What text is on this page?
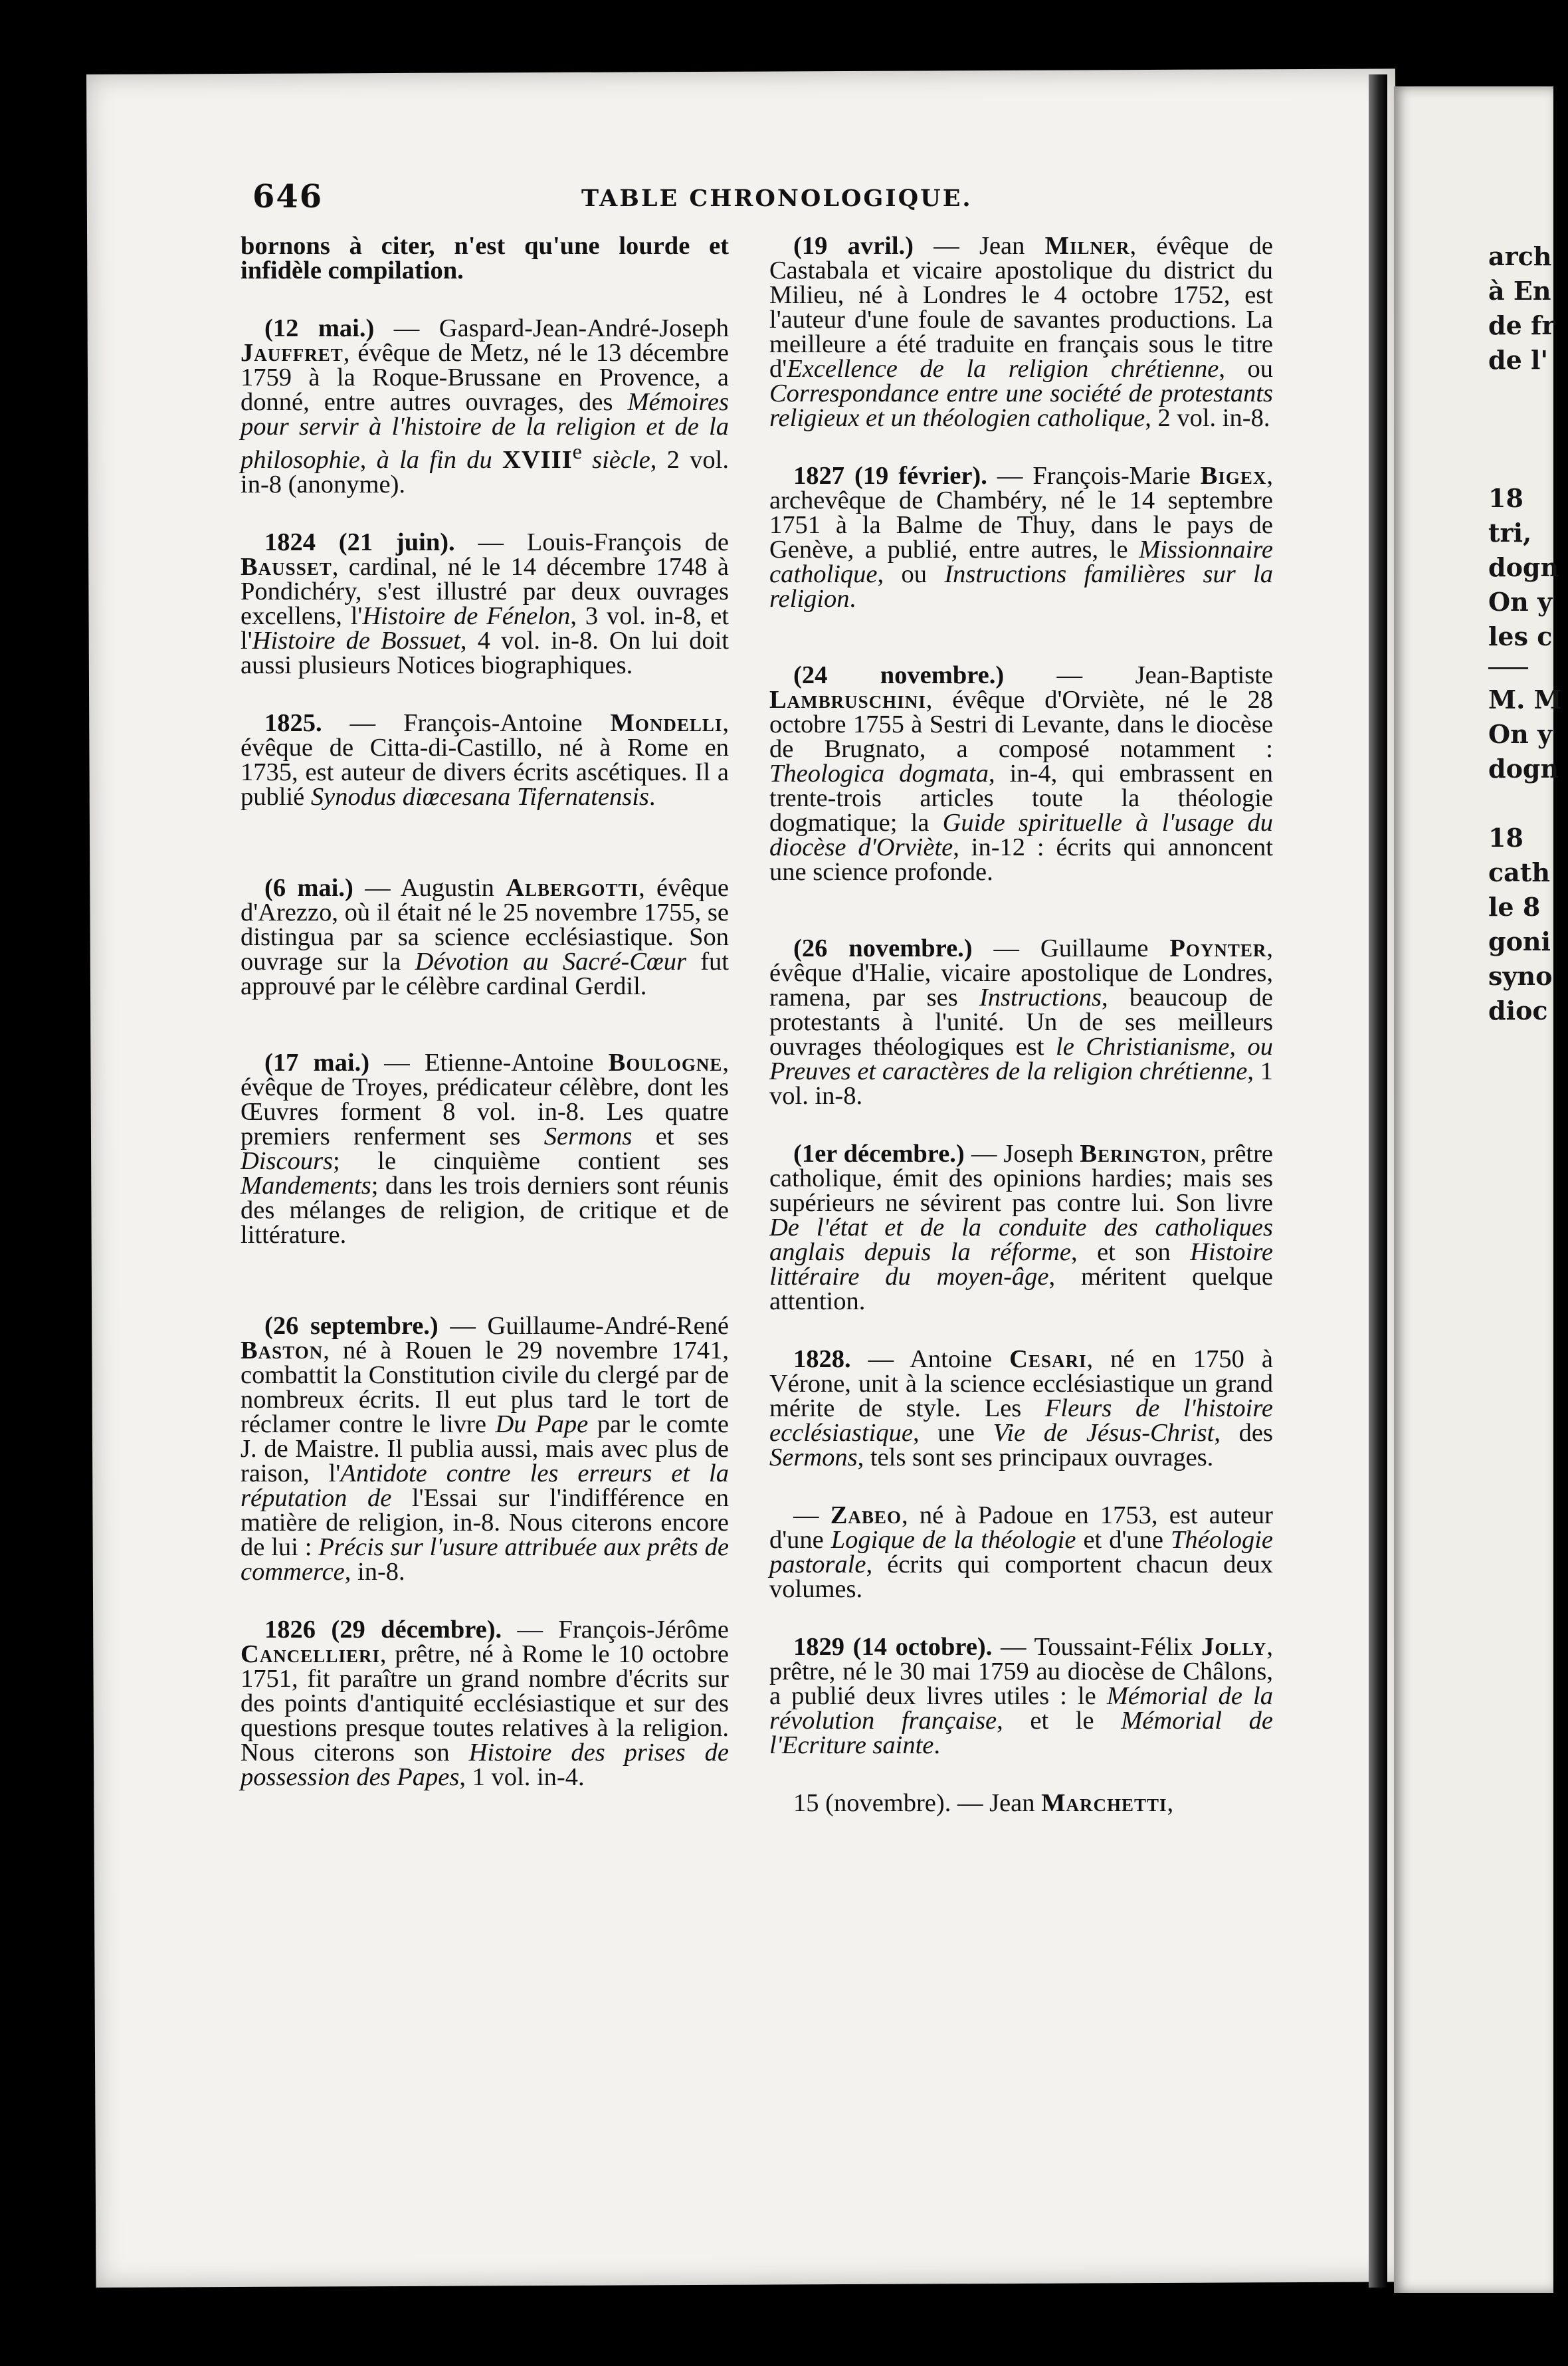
arch
à En
de fr
de l'
18
tri,
dogn
On y
les c
M. M
On y
dogn
18
cath
le 8
goni
syno
dioc
646	TABLE CHRONOLOGIQUE.

bornons à citer, n'est qu'une lourde et infidèle compilation.

(12 mai.) — Gaspard-Jean-André-Joseph Jauffret, évêque de Metz, né le 13 décembre 1759 à la Roque-Brussane en Provence, a donné, entre autres ouvrages, des Mémoires pour servir à l'histoire de la religion et de la philosophie, à la fin du XVIIIe siècle, 2 vol. in-8 (anonyme).

1824 (21 juin). — Louis-François de Bausset, cardinal, né le 14 décembre 1748 à Pondichéry, s'est illustré par deux ouvrages excellens, l'Histoire de Fénelon, 3 vol. in-8, et l'Histoire de Bossuet, 4 vol. in-8. On lui doit aussi plusieurs Notices biographiques.

1825. — François-Antoine Mondelli, évêque de Citta-di-Castillo, né à Rome en 1735, est auteur de divers écrits ascétiques. Il a publié Synodus diœcesana Tifernatensis.

(6 mai.) — Augustin Albergotti, évêque d'Arezzo, où il était né le 25 novembre 1755, se distingua par sa science ecclésiastique. Son ouvrage sur la Dévotion au Sacré-Cœur fut approuvé par le célèbre cardinal Gerdil.

(17 mai.) — Etienne-Antoine Boulogne, évêque de Troyes, prédicateur célèbre, dont les Œuvres forment 8 vol. in-8. Les quatre premiers renferment ses Sermons et ses Discours; le cinquième contient ses Mandements; dans les trois derniers sont réunis des mélanges de religion, de critique et de littérature.

(26 septembre.) — Guillaume-André-René Baston, né à Rouen le 29 novembre 1741, combattit la Constitution civile du clergé par de nombreux écrits. Il eut plus tard le tort de réclamer contre le livre Du Pape par le comte J. de Maistre. Il publia aussi, mais avec plus de raison, l'Antidote contre les erreurs et la réputation de l'Essai sur l'indifférence en matière de religion, in-8. Nous citerons encore de lui : Précis sur l'usure attribuée aux prêts de commerce, in-8.

1826 (29 décembre). — François-Jérôme Cancellieri, prêtre, né à Rome le 10 octobre 1751, fit paraître un grand nombre d'écrits sur des points d'antiquité ecclésiastique et sur des questions presque toutes relatives à la religion. Nous citerons son Histoire des prises de possession des Papes, 1 vol. in-4.

(19 avril.) — Jean Milner, évêque de Castabala et vicaire apostolique du district du Milieu, né à Londres le 4 octobre 1752, est l'auteur d'une foule de savantes productions. La meilleure a été traduite en français sous le titre d'Excellence de la religion chrétienne, ou Correspondance entre une société de protestants religieux et un théologien catholique, 2 vol. in-8.

1827 (19 février). — François-Marie Bigex, archevêque de Chambéry, né le 14 septembre 1751 à la Balme de Thuy, dans le pays de Genève, a publié, entre autres, le Missionnaire catholique, ou Instructions familières sur la religion.

(24 novembre.) — Jean-Baptiste Lambruschini, évêque d'Orviète, né le 28 octobre 1755 à Sestri di Levante, dans le diocèse de Brugnato, a composé notamment : Theologica dogmata, in-4, qui embrassent en trente-trois articles toute la théologie dogmatique; la Guide spirituelle à l'usage du diocèse d'Orviète, in-12 : écrits qui annoncent une science profonde.

(26 novembre.) — Guillaume Poynter, évêque d'Halie, vicaire apostolique de Londres, ramena, par ses Instructions, beaucoup de protestants à l'unité. Un de ses meilleurs ouvrages théologiques est le Christianisme, ou Preuves et caractères de la religion chrétienne, 1 vol. in-8.

(1er décembre.) — Joseph Berington, prêtre catholique, émit des opinions hardies; mais ses supérieurs ne sévirent pas contre lui. Son livre De l'état et de la conduite des catholiques anglais depuis la réforme, et son Histoire littéraire du moyen-âge, méritent quelque attention.

1828. — Antoine Cesari, né en 1750 à Vérone, unit à la science ecclésiastique un grand mérite de style. Les Fleurs de l'histoire ecclésiastique, une Vie de Jésus-Christ, des Sermons, tels sont ses principaux ouvrages.

— Zabeo, né à Padoue en 1753, est auteur d'une Logique de la théologie et d'une Théologie pastorale, écrits qui comportent chacun deux volumes.

1829 (14 octobre). — Toussaint-Félix Jolly, prêtre, né le 30 mai 1759 au diocèse de Châlons, a publié deux livres utiles : le Mémorial de la révolution française, et le Mémorial de l'Ecriture sainte.

15 (novembre). — Jean Marchetti,
